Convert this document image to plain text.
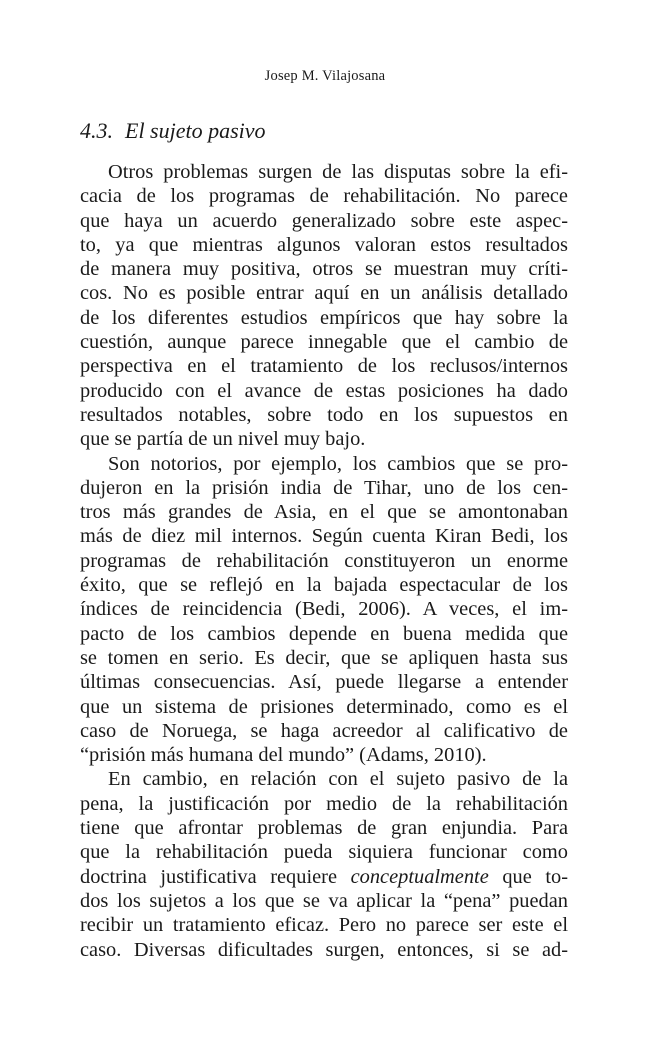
Josep M. Vilajosana
4.3. El sujeto pasivo
Otros problemas surgen de las disputas sobre la efi-
cacia de los programas de rehabilitación. No parece
que haya un acuerdo generalizado sobre este aspec-
to, ya que mientras algunos valoran estos resultados
de manera muy positiva, otros se muestran muy críti-
cos. No es posible entrar aquí en un análisis detallado
de los diferentes estudios empíricos que hay sobre la
cuestión, aunque parece innegable que el cambio de
perspectiva en el tratamiento de los reclusos/internos
producido con el avance de estas posiciones ha dado
resultados notables, sobre todo en los supuestos en
que se partía de un nivel muy bajo.
Son notorios, por ejemplo, los cambios que se pro-
dujeron en la prisión india de Tihar, uno de los cen-
tros más grandes de Asia, en el que se amontonaban
más de diez mil internos. Según cuenta Kiran Bedi, los
programas de rehabilitación constituyeron un enorme
éxito, que se reflejó en la bajada espectacular de los
índices de reincidencia (Bedi, 2006). A veces, el im-
pacto de los cambios depende en buena medida que
se tomen en serio. Es decir, que se apliquen hasta sus
últimas consecuencias. Así, puede llegarse a entender
que un sistema de prisiones determinado, como es el
caso de Noruega, se haga acreedor al calificativo de
“prisión más humana del mundo” (Adams, 2010).
En cambio, en relación con el sujeto pasivo de la
pena, la justificación por medio de la rehabilitación
tiene que afrontar problemas de gran enjundia. Para
que la rehabilitación pueda siquiera funcionar como
doctrina justificativa requiere conceptualmente que to-
dos los sujetos a los que se va aplicar la “pena” puedan
recibir un tratamiento eficaz. Pero no parece ser este el
caso. Diversas dificultades surgen, entonces, si se ad-
